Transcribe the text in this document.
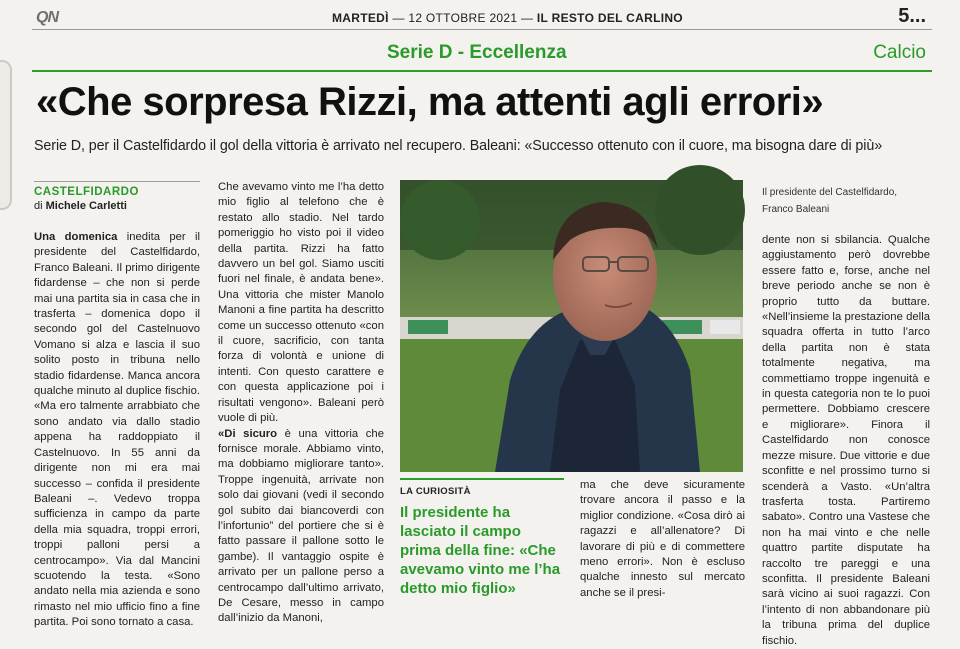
QN	MARTEDÌ — 12 OTTOBRE 2021 — IL RESTO DEL CARLINO	5...
Serie D - Eccellenza	Calcio
«Che sorpresa Rizzi, ma attenti agli errori»
Serie D, per il Castelfidardo il gol della vittoria è arrivato nel recupero. Baleani: «Successo ottenuto con il cuore, ma bisogna dare di più»
CASTELFIDARDO
di Michele Carletti

Una domenica inedita per il presidente del Castelfidardo, Franco Baleani. Il primo dirigente fidardense – che non si perde mai una partita sia in casa che in trasferta – domenica dopo il secondo gol del Castelnuovo Vomano si alza e lascia il suo solito posto in tribuna nello stadio fidardense. Manca ancora qualche minuto al duplice fischio. «Ma ero talmente arrabbiato che sono andato via dallo stadio appena ha raddoppiato il Castelnuovo. In 55 anni da dirigente non mi era mai successo – confida il presidente Baleani –. Vedevo troppa sufficienza in campo da parte della mia squadra, troppi errori, troppi palloni persi a centrocampo». Via dal Mancini scuotendo la testa. «Sono andato nella mia azienda e sono rimasto nel mio ufficio fino a fine partita. Poi sono tornato a casa.

Che avevamo vinto me l’ha detto mio figlio al telefono che è restato allo stadio. Nel tardo pomeriggio ho visto poi il video della partita. Rizzi ha fatto davvero un bel gol. Siamo usciti fuori nel finale, è andata bene». Una vittoria che mister Manolo Manoni a fine partita ha descritto come un successo ottenuto «con il cuore, sacrificio, con tanta forza di volontà e unione di intenti. Con questo carattere e con questa applicazione poi i risultati vengono». Baleani però vuole di più.

«Di sicuro è una vittoria che fornisce morale. Abbiamo vinto, ma dobbiamo migliorare tanto». Troppe ingenuità, arrivate non solo dai giovani (vedi il secondo gol subito dai biancoverdi con l’infortunio” del portiere che si è fatto passare il pallone sotto le gambe). Il vantaggio ospite è arrivato per un pallone perso a centrocampo dall’ultimo arrivato, De Cesare, messo in campo dall’inizio da Manoni,

Il presidente del Castelfidardo, Franco Baleani
LA CURIOSITÀ
Il presidente ha lasciato il campo prima della fine: «Che avevamo vinto me l’ha detto mio figlio»

ma che deve sicuramente trovare ancora il passo e la miglior condizione. «Cosa dirò ai ragazzi e all’allenatore? Di lavorare di più e di commettere meno errori». Non è escluso qualche innesto sul mercato anche se il presi-

dente non si sbilancia. Qualche aggiustamento però dovrebbe essere fatto e, forse, anche nel breve periodo anche se non è proprio tutto da buttare. «Nell’insieme la prestazione della squadra offerta in tutto l’arco della partita non è stata totalmente negativa, ma commettiamo troppe ingenuità e in questa categoria non te lo puoi permettere. Dobbiamo crescere e migliorare». Finora il Castelfidardo non conosce mezze misure. Due vittorie e due sconfitte e nel prossimo turno si scenderà a Vasto. «Un’altra trasferta tosta. Partiremo sabato». Contro una Vastese che non ha mai vinto e che nelle quattro partite disputate ha raccolto tre pareggi e una sconfitta. Il presidente Baleani sarà vicino ai suoi ragazzi. Con l’intento di non abbandonare più la tribuna prima del duplice fischio.
